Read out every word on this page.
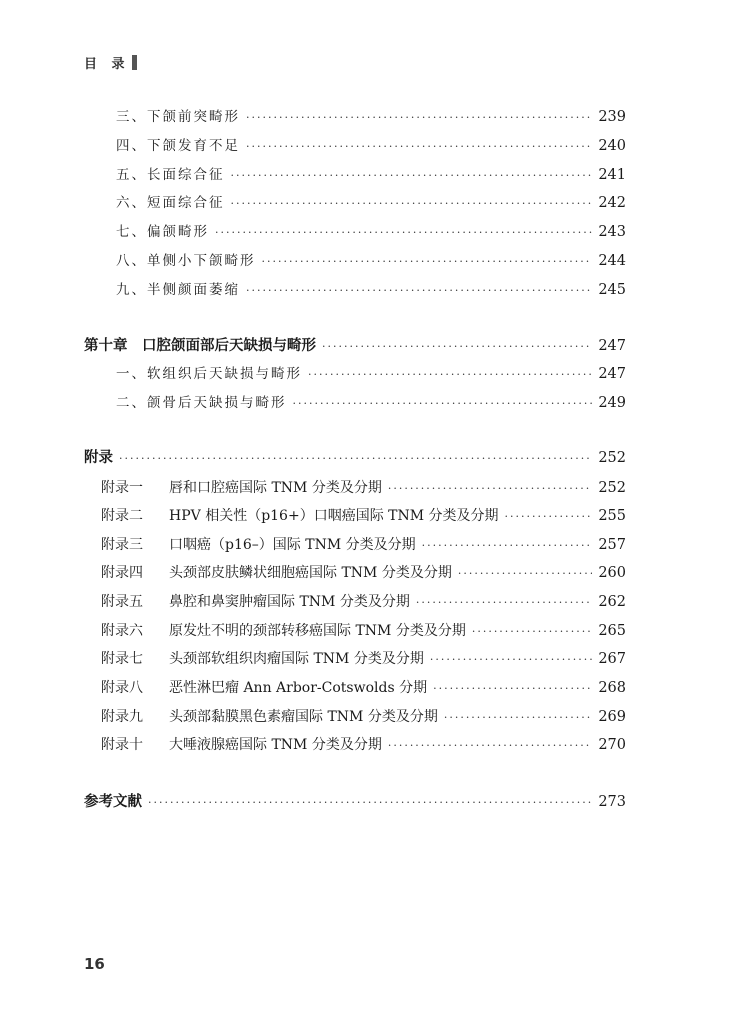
目 录
三、下颌前突畸形 ·····	239
四、下颌发育不足 ·····	240
五、长面综合征 ·····	241
六、短面综合征 ·····	242
七、偏颌畸形 ·····	243
八、单侧小下颌畸形 ·····	244
九、半侧颜面萎缩 ·····	245
第十章　口腔颌面部后天缺损与畸形 ·····	247
一、软组织后天缺损与畸形 ·····	247
二、颌骨后天缺损与畸形 ·····	249
附录 ·····	252
附录一 唇和口腔癌国际 TNM 分类及分期 ·····	252
附录二 HPV 相关性（p16+）口咽癌国际 TNM 分类及分期 ·····	255
附录三 口咽癌（p16–）国际 TNM 分类及分期 ·····	257
附录四 头颈部皮肤鳞状细胞癌国际 TNM 分类及分期 ·····	260
附录五 鼻腔和鼻窦肿瘤国际 TNM 分类及分期 ·····	262
附录六 原发灶不明的颈部转移癌国际 TNM 分类及分期 ·····	265
附录七 头颈部软组织肉瘤国际 TNM 分类及分期 ·····	267
附录八 恶性淋巴瘤 Ann Arbor-Cotswolds 分期 ·····	268
附录九 头颈部黏膜黑色素瘤国际 TNM 分类及分期 ·····	269
附录十 大唾液腺癌国际 TNM 分类及分期 ·····	270
参考文献 ·····	273
16
